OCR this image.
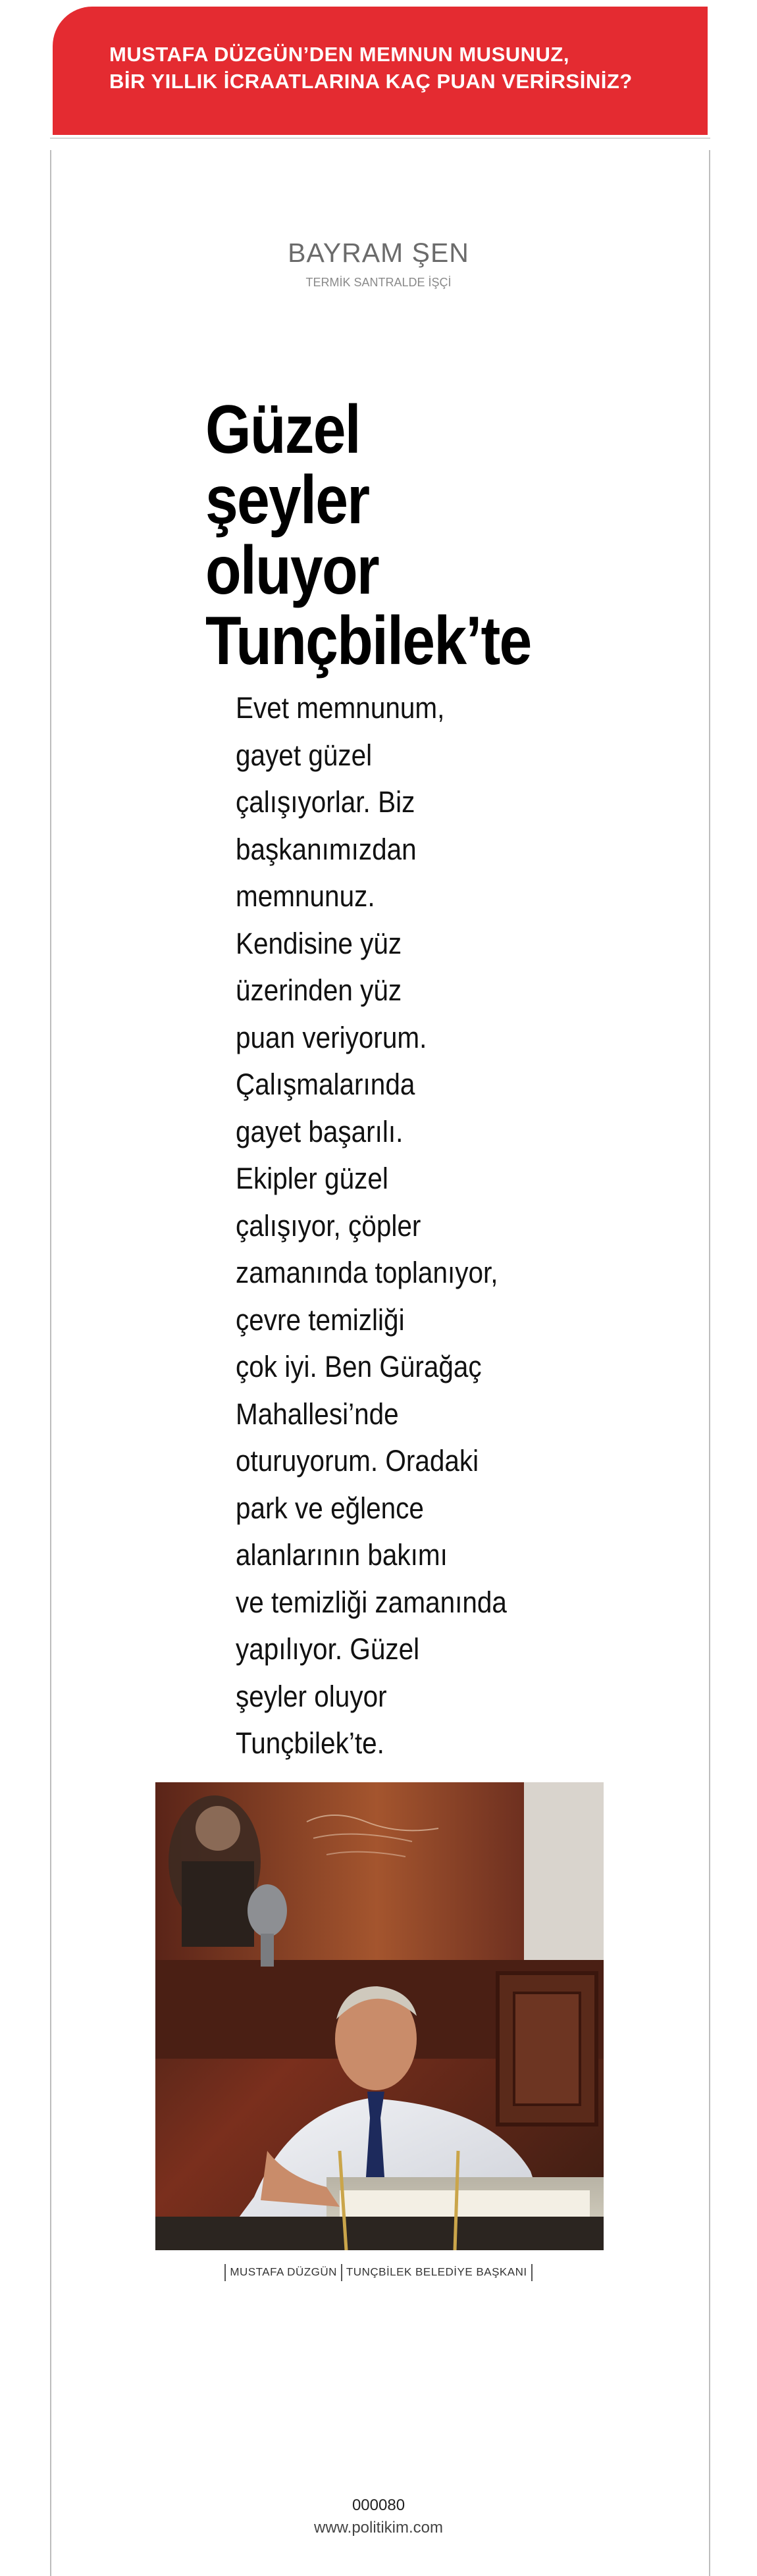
MUSTAFA DÜZGÜN’DEN MEMNUN MUSUNUZ,
BİR YILLIK İCRAATLARINA KAÇ PUAN VERİRSİNİZ?
BAYRAM ŞEN
TERMİK SANTRALDE İŞÇİ
Güzel
şeyler
oluyor
Tunçbilek’te
Evet memnunum,
gayet güzel
çalışıyorlar. Biz
başkanımızdan
memnunuz.
Kendisine yüz
üzerinden yüz
puan veriyorum.
Çalışmalarında
gayet başarılı.
Ekipler güzel
çalışıyor, çöpler
zamanında toplanıyor,
çevre temizliği
çok iyi. Ben Gürağaç
Mahallesi’nde
oturuyorum. Oradaki
park ve eğlence
alanlarının bakımı
ve temizliği zamanında
yapılıyor. Güzel
şeyler oluyor
Tunçbilek’te.
MUSTAFA DÜZGÜN TUNÇBİLEK BELEDİYE BAŞKANI
000080
www.politikim.com
